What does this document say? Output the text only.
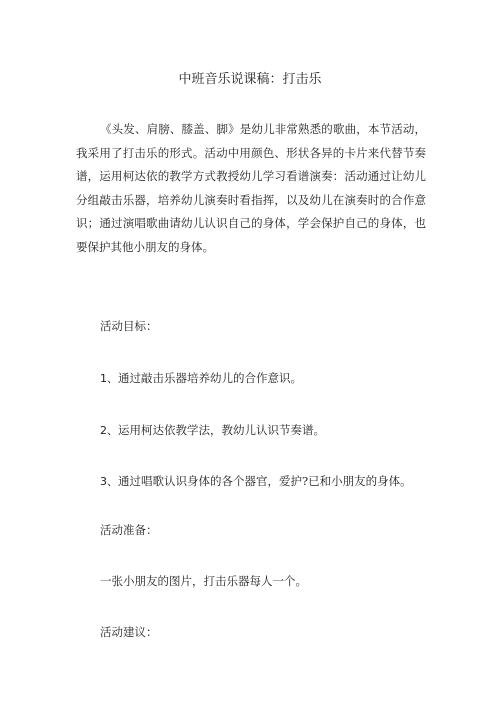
中班音乐说课稿：打击乐

《头发、肩膀、膝盖、脚》是幼儿非常熟悉的歌曲，本节活动，我采用了打击乐的形式。活动中用颜色、形状各异的卡片来代替节奏谱，运用柯达依的教学方式教授幼儿学习看谱演奏：活动通过让幼儿分组敲击乐器，培养幼儿演奏时看指挥，以及幼儿在演奏时的合作意识；通过演唱歌曲请幼儿认识自己的身体，学会保护自己的身体，也要保护其他小朋友的身体。

活动目标：

1、通过敲击乐器培养幼儿的合作意识。

2、运用柯达依教学法，教幼儿认识节奏谱。

3、通过唱歌认识身体的各个器官，爱护?已和小朋友的身体。

活动准备：

一张小朋友的图片，打击乐器每人一个。

活动建议：
